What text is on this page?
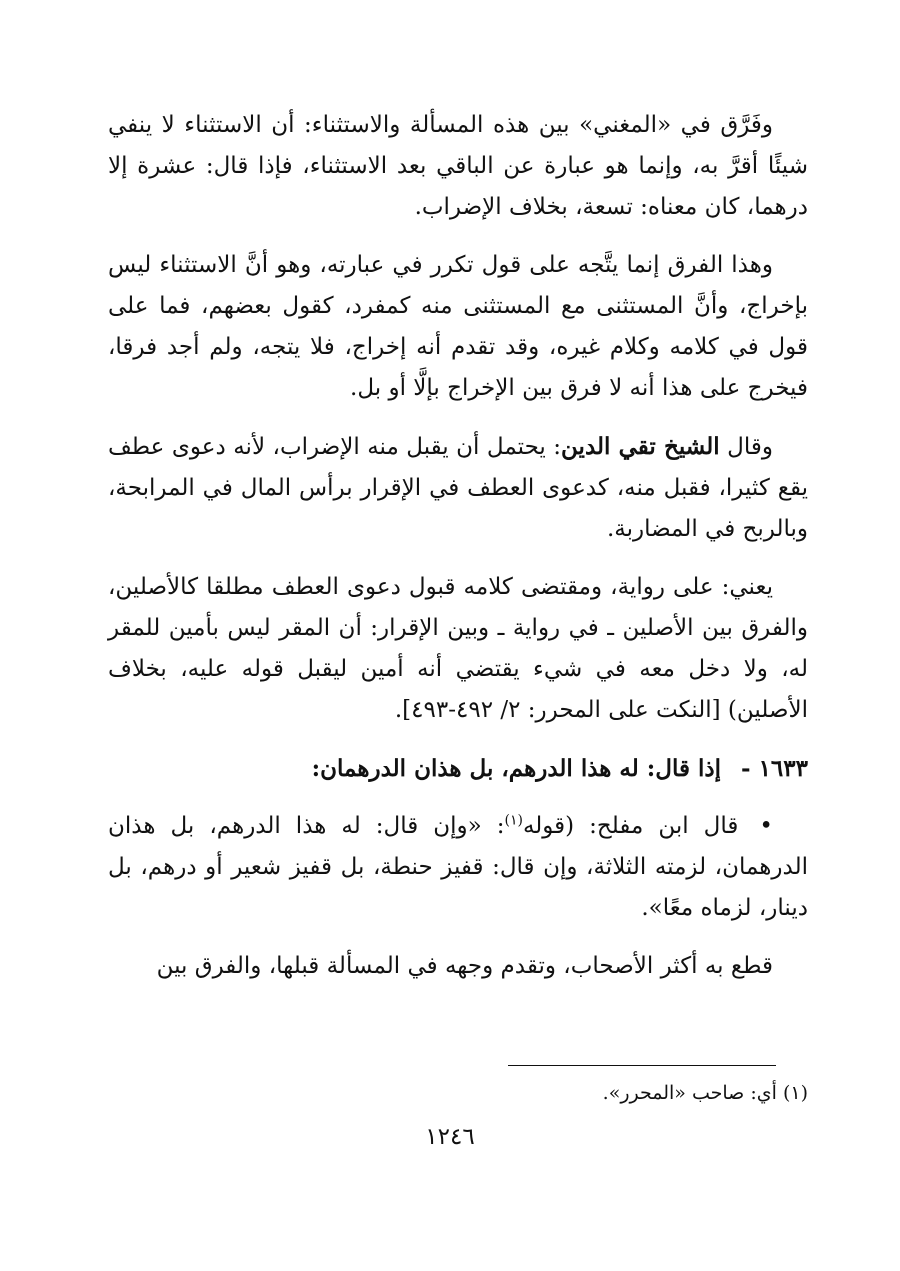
وفَرَّق في «المغني» بين هذه المسألة والاستثناء: أن الاستثناء لا ينفي شيئًا أقرَّ به، وإنما هو عبارة عن الباقي بعد الاستثناء، فإذا قال: عشرة إلا درهما، كان معناه: تسعة، بخلاف الإضراب.

وهذا الفرق إنما يتَّجه على قول تكرر في عبارته، وهو أنَّ الاستثناء ليس بإخراج، وأنَّ المستثنى مع المستثنى منه كمفرد، كقول بعضهم، فما على قول في كلامه وكلام غيره، وقد تقدم أنه إخراج، فلا يتجه، ولم أجد فرقا، فيخرج على هذا أنه لا فرق بين الإخراج بإلَّا أو بل.

وقال الشيخ تقي الدين: يحتمل أن يقبل منه الإضراب، لأنه دعوى عطف يقع كثيرا، فقبل منه، كدعوى العطف في الإقرار برأس المال في المرابحة، وبالربح في المضاربة.

يعني: على رواية، ومقتضى كلامه قبول دعوى العطف مطلقا كالأصلين، والفرق بين الأصلين ـ في رواية ـ وبين الإقرار: أن المقر ليس بأمين للمقر له، ولا دخل معه في شيء يقتضي أنه أمين ليقبل قوله عليه، بخلاف الأصلين) [النكت على المحرر: ٢/ ٤٩٢-٤٩٣].

١٦٣٣ -إذا قال: له هذا الدرهم، بل هذان الدرهمان:

• قال ابن مفلح: (قوله$^{(١)}$: «وإن قال: له هذا الدرهم، بل هذان الدرهمان، لزمته الثلاثة، وإن قال: قفيز حنطة، بل قفيز شعير أو درهم، بل دينار، لزماه معًا».

قطع به أكثر الأصحاب، وتقدم وجهه في المسألة قبلها، والفرق بين

(١) أي: صاحب «المحرر».
١٢٤٦
